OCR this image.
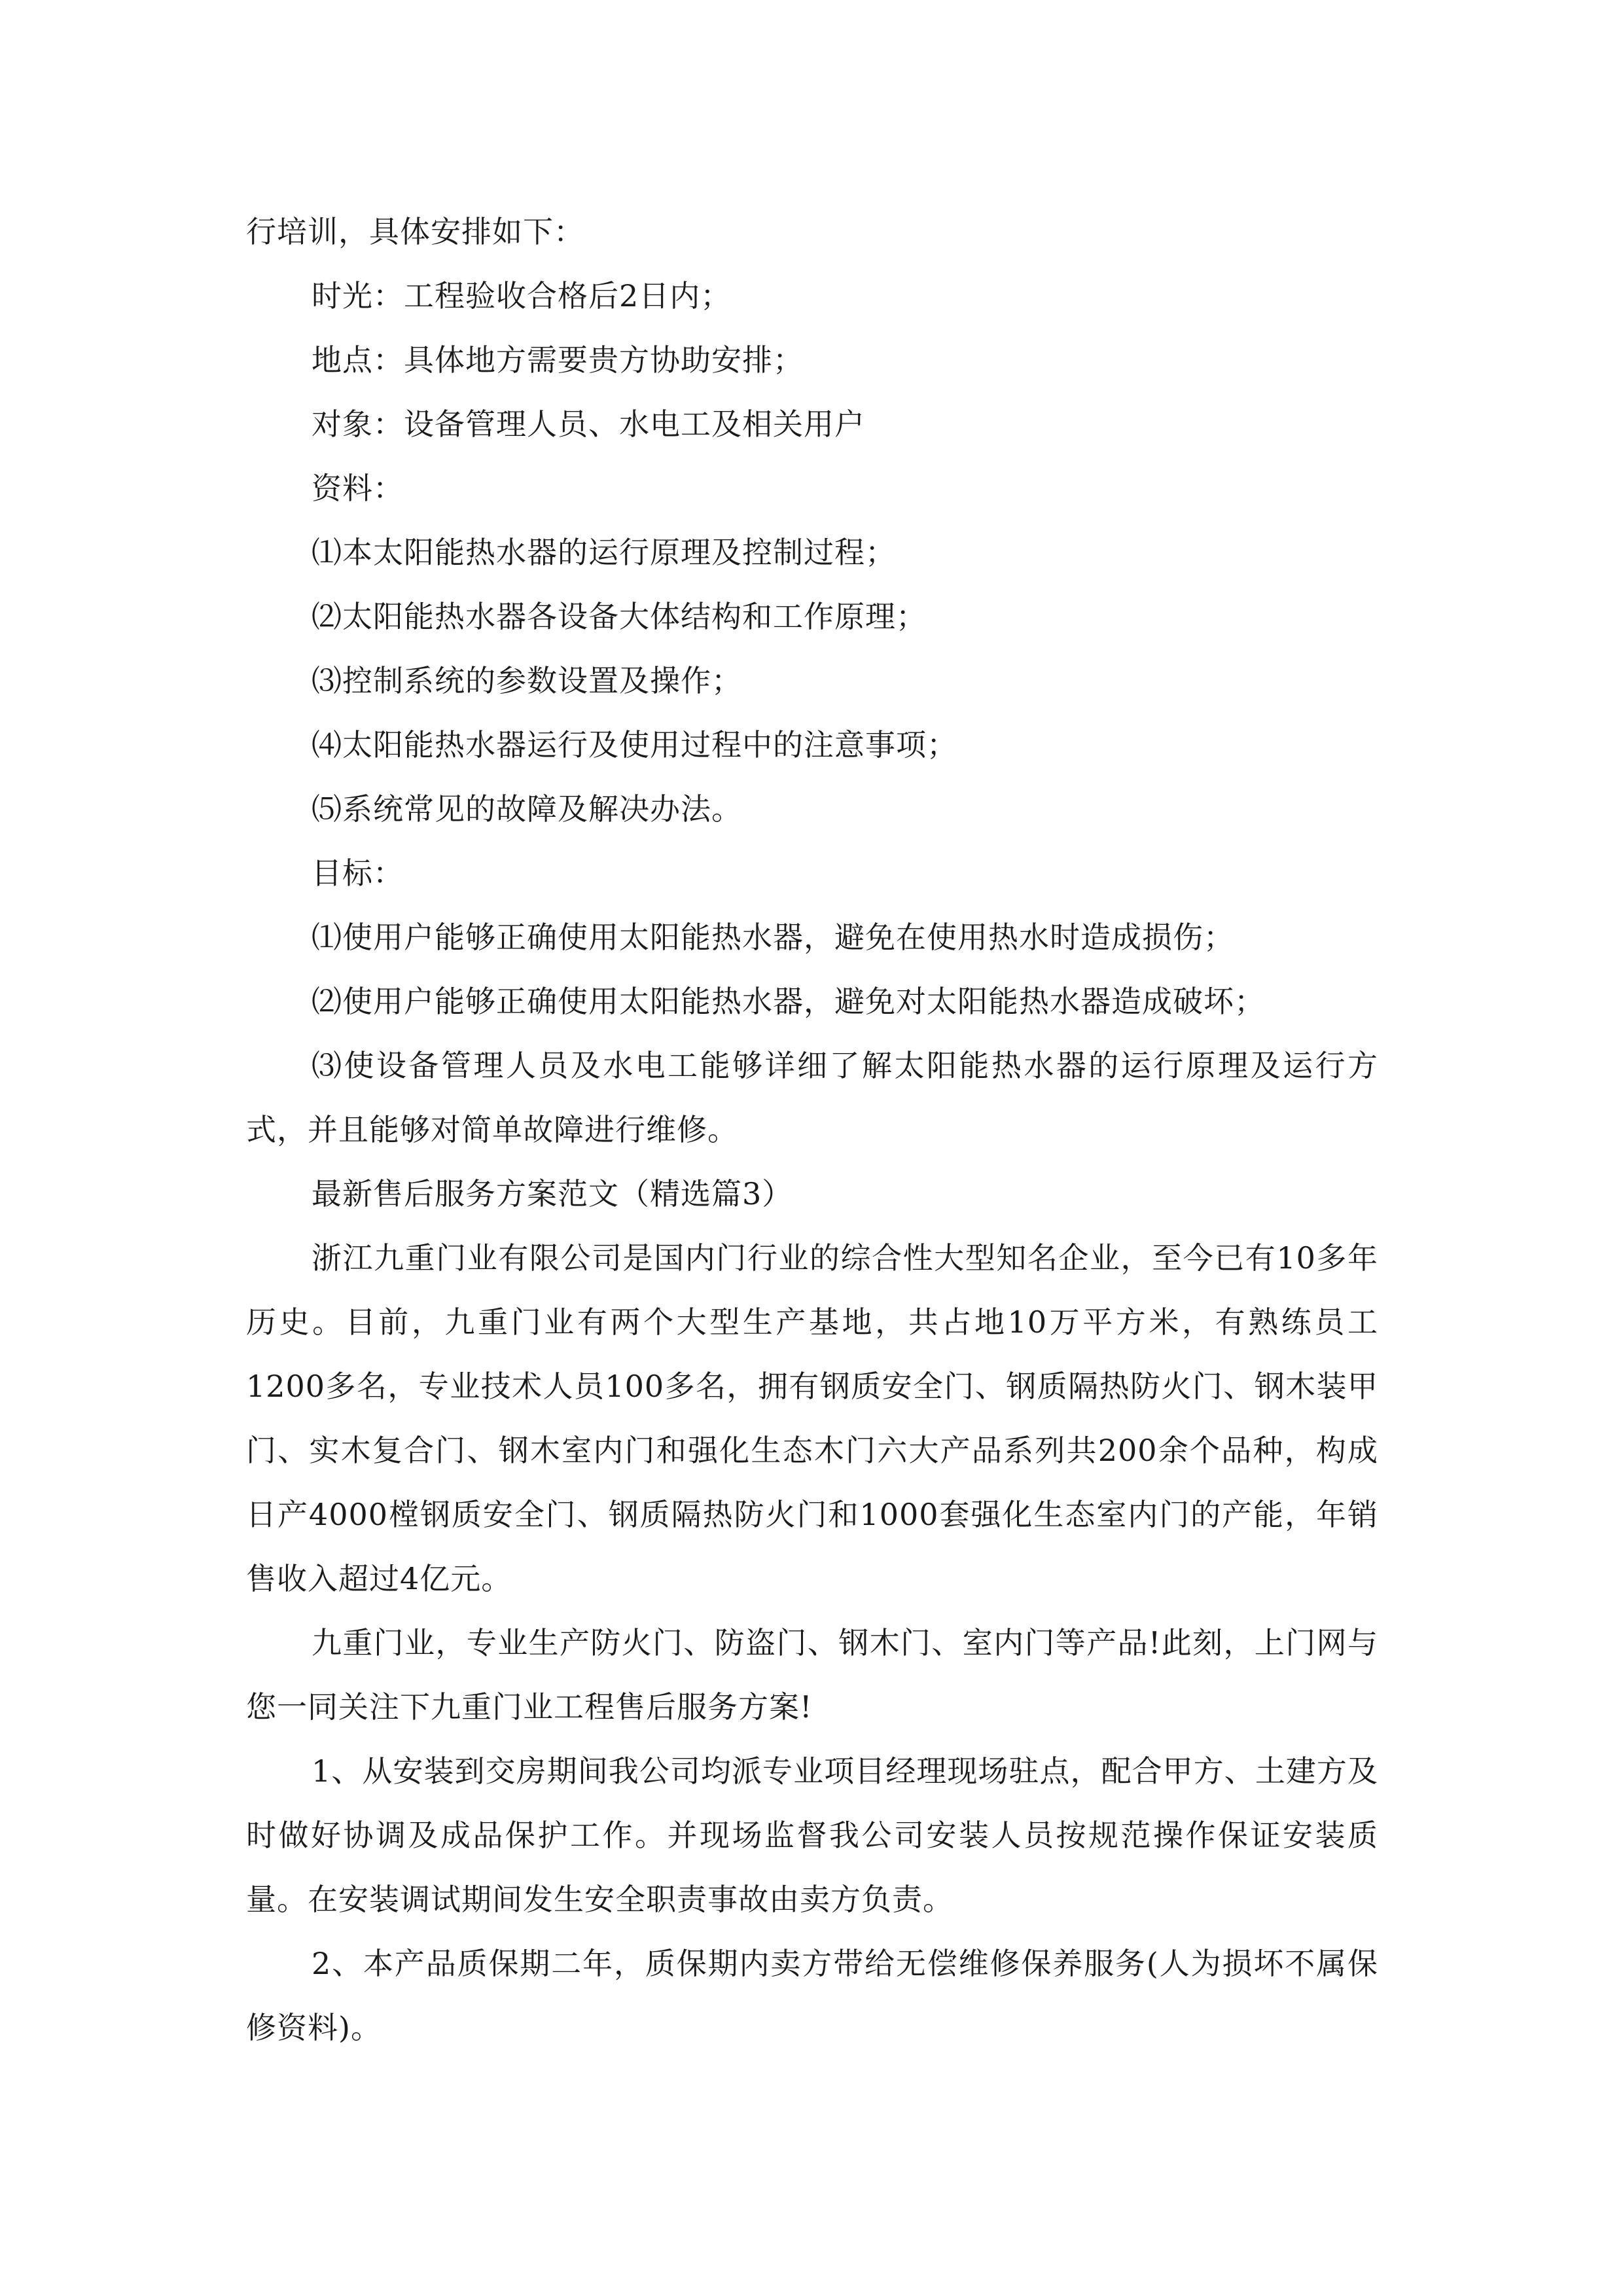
行培训，具体安排如下：
时光：工程验收合格后2日内；
地点：具体地方需要贵方协助安排；
对象：设备管理人员、水电工及相关用户
资料：
⑴本太阳能热水器的运行原理及控制过程；
⑵太阳能热水器各设备大体结构和工作原理；
⑶控制系统的参数设置及操作；
⑷太阳能热水器运行及使用过程中的注意事项；
⑸系统常见的故障及解决办法。
目标：
⑴使用户能够正确使用太阳能热水器，避免在使用热水时造成损伤；
⑵使用户能够正确使用太阳能热水器，避免对太阳能热水器造成破坏；

⑶使设备管理人员及水电工能够详细了解太阳能热水器的运行原理及运行方式，并且能够对简单故障进行维修。

最新售后服务方案范文（精选篇3）

浙江九重门业有限公司是国内门行业的综合性大型知名企业，至今已有10多年历史。目前，九重门业有两个大型生产基地，共占地10万平方米，有熟练员工1200多名，专业技术人员100多名，拥有钢质安全门、钢质隔热防火门、钢木装甲门、实木复合门、钢木室内门和强化生态木门六大产品系列共200余个品种，构成日产4000樘钢质安全门、钢质隔热防火门和1000套强化生态室内门的产能，年销售收入超过4亿元。

九重门业，专业生产防火门、防盗门、钢木门、室内门等产品!此刻，上门网与您一同关注下九重门业工程售后服务方案!

1、从安装到交房期间我公司均派专业项目经理现场驻点，配合甲方、土建方及时做好协调及成品保护工作。并现场监督我公司安装人员按规范操作保证安装质量。在安装调试期间发生安全职责事故由卖方负责。

2、本产品质保期二年，质保期内卖方带给无偿维修保养服务(人为损坏不属保修资料)。
